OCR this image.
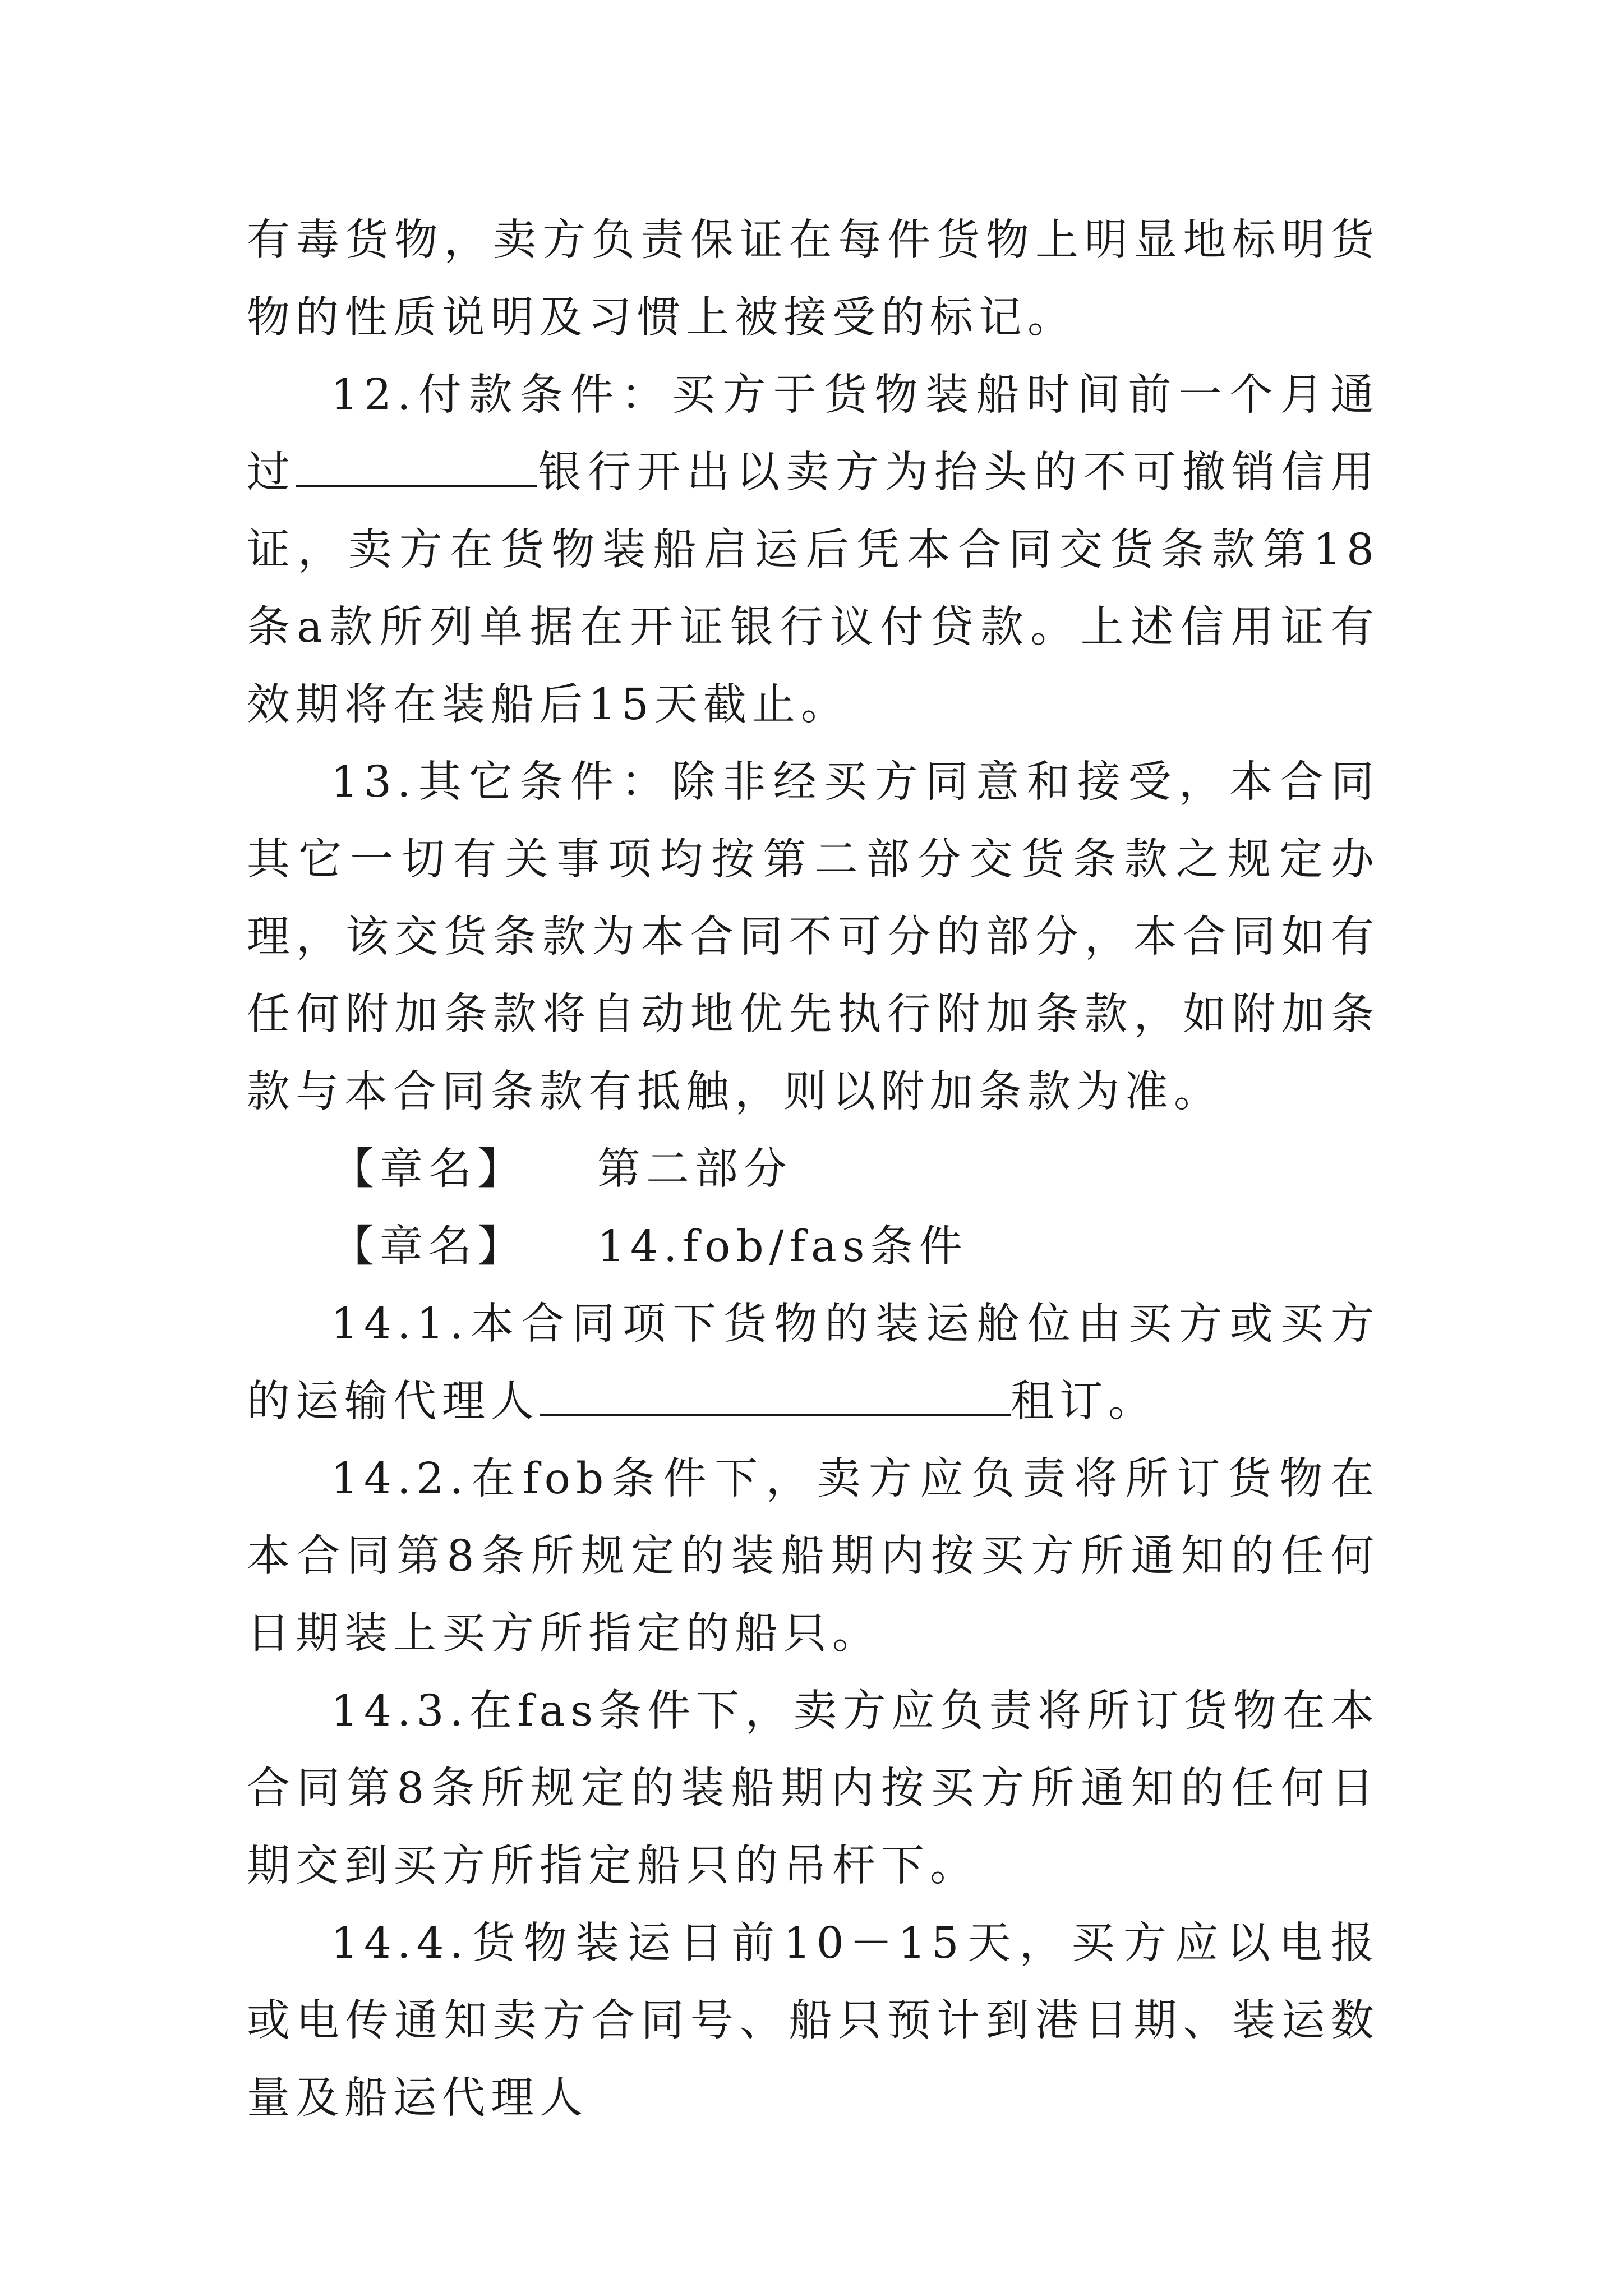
有毒货物，卖方负责保证在每件货物上明显地标明货物的性质说明及习惯上被接受的标记。

12.付款条件：买方于货物装船时间前一个月通过	银行开出以卖方为抬头的不可撤销信用证，卖方在货物装船启运后凭本合同交货条款第18条a款所列单据在开证银行议付贷款。上述信用证有效期将在装船后15天截止。

13.其它条件：除非经买方同意和接受，本合同其它一切有关事项均按第二部分交货条款之规定办理，该交货条款为本合同不可分的部分，本合同如有任何附加条款将自动地优先执行附加条款，如附加条款与本合同条款有抵触，则以附加条款为准。

【章名】 第二部分

【章名】 14.fob/fas条件

14.1.本合同项下货物的装运舱位由买方或买方的运输代理人	租订。

14.2.在fob条件下，卖方应负责将所订货物在本合同第8条所规定的装船期内按买方所通知的任何日期装上买方所指定的船只。

14.3.在fas条件下，卖方应负责将所订货物在本合同第8条所规定的装船期内按买方所通知的任何日期交到买方所指定船只的吊杆下。

14.4.货物装运日前10－15天，买方应以电报或电传通知卖方合同号、船只预计到港日期、装运数量及船运代理人
